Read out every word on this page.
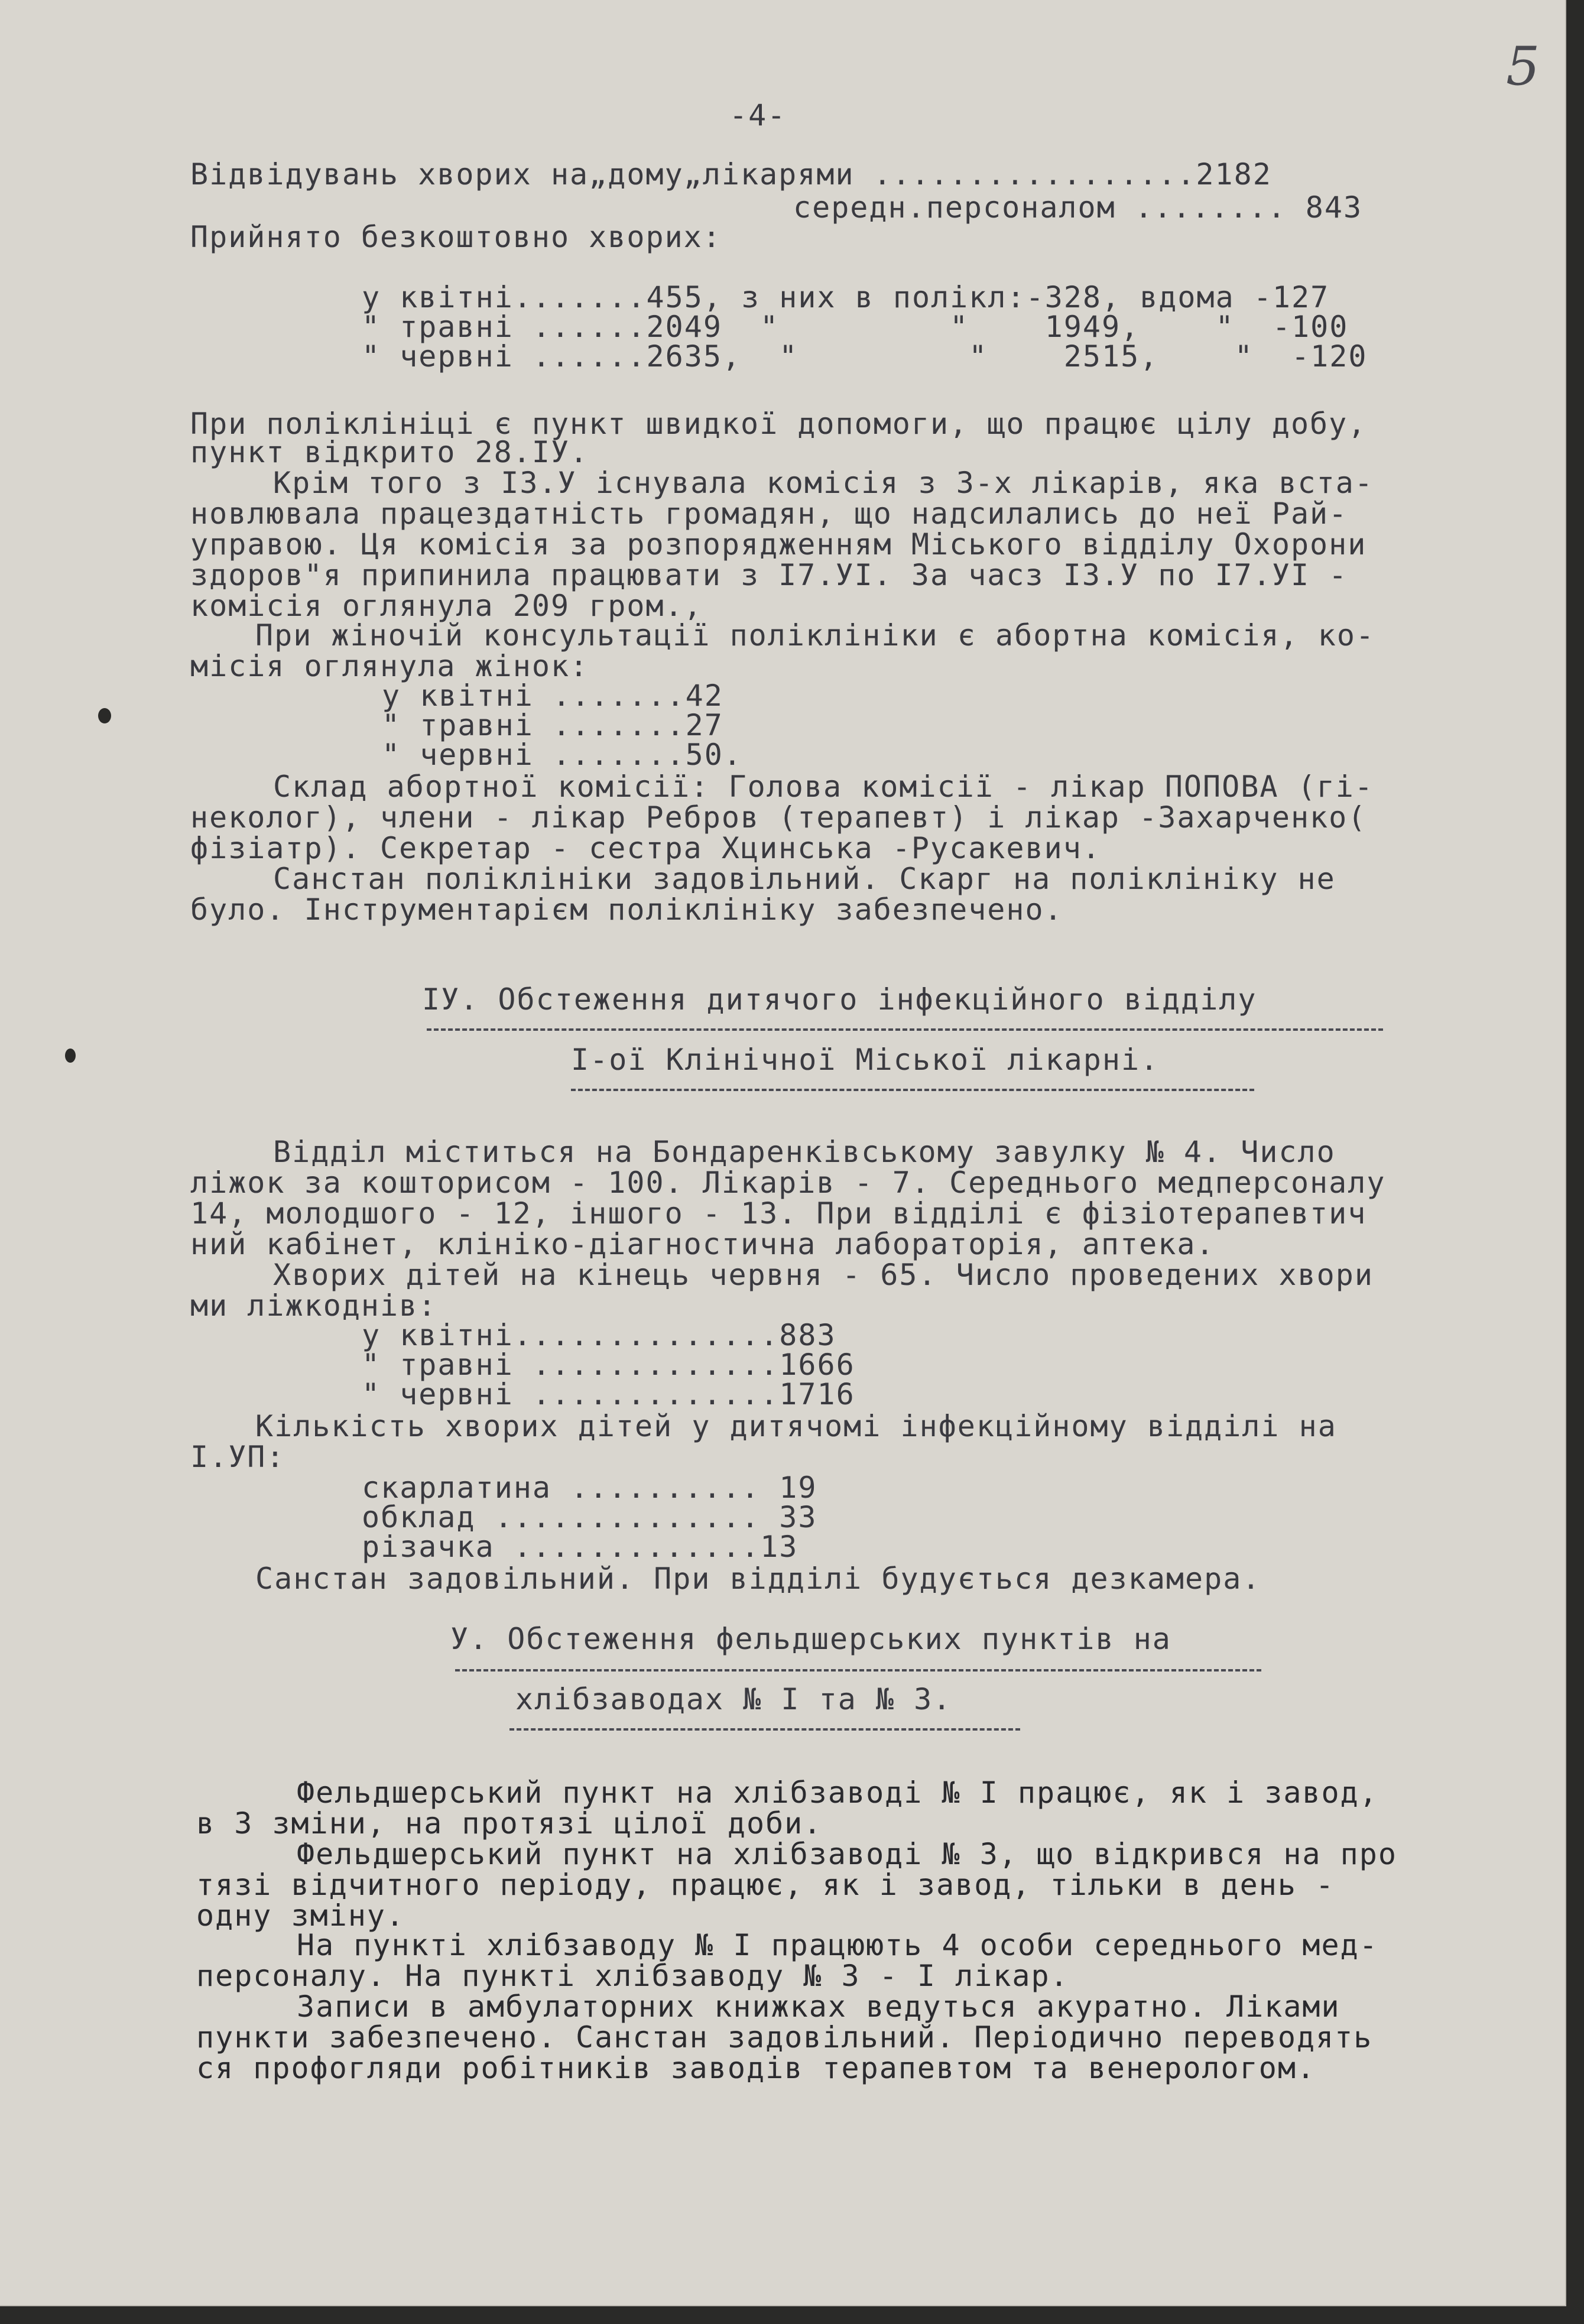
5
-4-
Відвідувань хворих на„дому„лікарями .................2182
середн.персоналом ........ 843
Прийнято безкоштовно хворих:
у квітні.......455, з них в полікл:-328, вдома -127
" травні ......2049  "         "    1949,    "  -100
" червні ......2635,  "         "    2515,    "  -120
При поліклініці є пункт швидкої допомоги, що працює цілу добу,
пункт відкрито 28.IУ.
Крім того з I3.У існувала комісія з 3-х лікарів, яка вста-
новлювала працездатність громадян, що надсилались до неї Рай-
управою. Ця комісія за розпорядженням Міського відділу Охорони
здоров"я припинила працювати з I7.УI. За часз I3.У по I7.УI -
комісія оглянула 209 гром.,
При жіночій консультації поліклініки є абортна комісія, ко-
місія оглянула жінок:
у квітні .......42
" травні .......27
" червні .......50.
Склад абортної комісії: Голова комісії - лікар ПОПОВА (гі-
неколог), члени - лікар Ребров (терапевт) і лікар -Захарченко(
фізіатр). Секретар - сестра Хцинська -Русакевич.
Санстан поліклініки задовільний. Скарг на поліклініку не
було. Інструментарієм поліклініку забезпечено.
IУ. Обстеження дитячого інфекційного відділу
I-ої Клінічної Міської лікарні.
Відділ міститься на Бондаренківському завулку № 4. Число
ліжок за кошторисом - 100. Лікарів - 7. Середнього медперсоналу
14, молодшого - 12, іншого - 13. При відділі є фізіотерапевтич
ний кабінет, клініко-діагностична лабораторія, аптека.
Хворих дітей на кінець червня - 65. Число проведених хвори
ми ліжкоднів:
у квітні..............883
" травні .............1666
" червні .............1716
Кількість хворих дітей у дитячомі інфекційному відділі на
I.УП:
скарлатина .......... 19
обклад .............. 33
різачка .............13
Санстан задовільний. При відділі будується дезкамера.
У. Обстеження фельдшерських пунктів на
хлібзаводах № I та № 3.
Фельдшерський пункт на хлібзаводі № I працює, як і завод,
в 3 зміни, на протязі цілої доби.
Фельдшерський пункт на хлібзаводі № 3, що відкрився на про
тязі відчитного періоду, працює, як і завод, тільки в день -
одну зміну.
На пункті хлібзаводу № I працюють 4 особи середнього мед-
персоналу. На пункті хлібзаводу № 3 - I лікар.
Записи в амбулаторних книжках ведуться акуратно. Ліками
пункти забезпечено. Санстан задовільний. Періодично переводять
ся профогляди робітників заводів терапевтом та венерологом.
